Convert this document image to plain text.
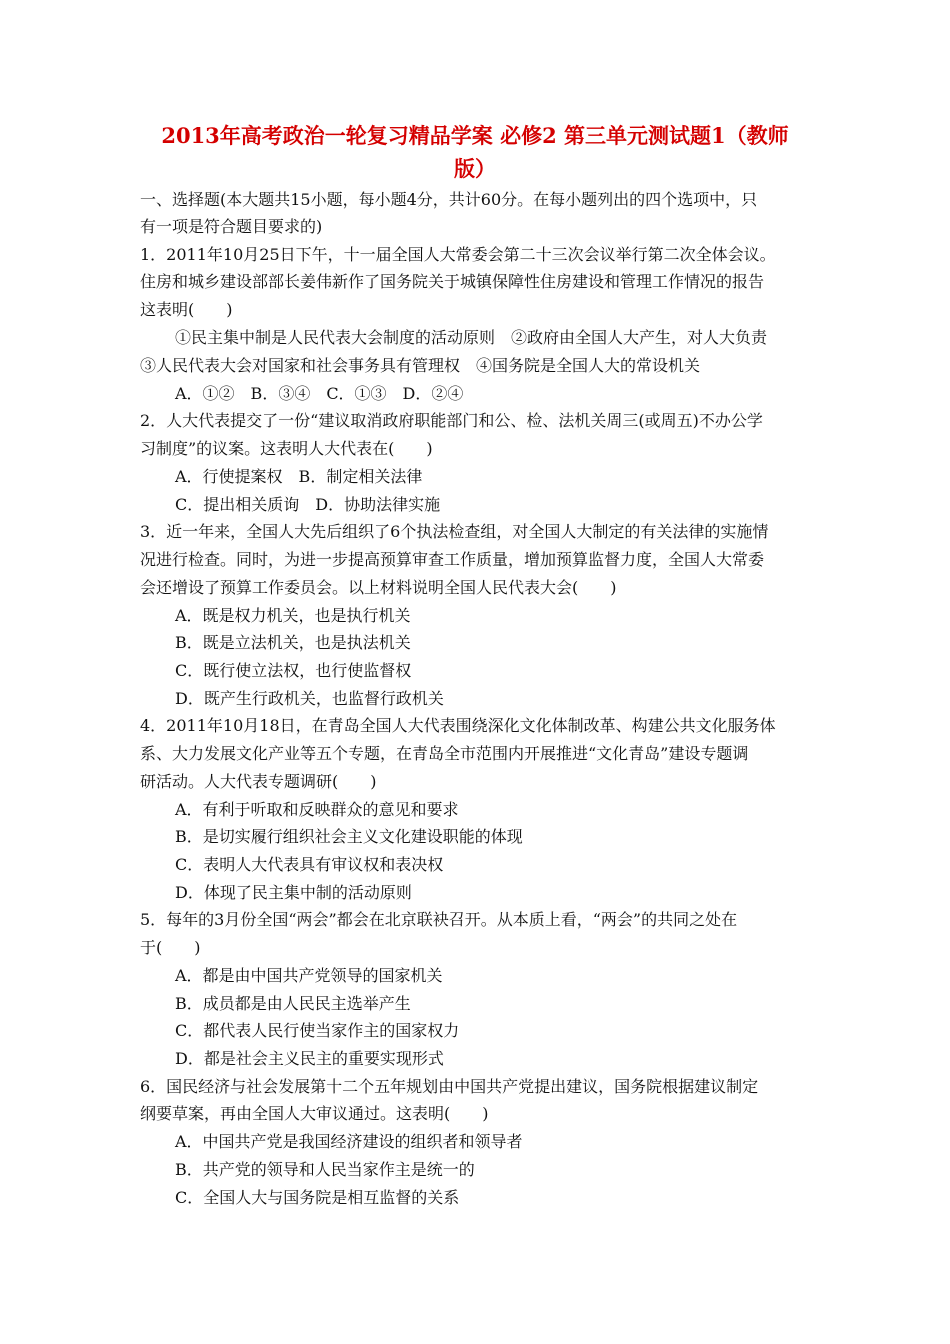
2013年高考政治一轮复习精品学案 必修2 第三单元测试题1（教师
版）
一、选择题(本大题共15小题，每小题4分，共计60分。在每小题列出的四个选项中，只
有一项是符合题目要求的)
1．2011年10月25日下午，十一届全国人大常委会第二十三次会议举行第二次全体会议。
住房和城乡建设部部长姜伟新作了国务院关于城镇保障性住房建设和管理工作情况的报告
这表明(　　)
①民主集中制是人民代表大会制度的活动原则　②政府由全国人大产生，对人大负责
③人民代表大会对国家和社会事务具有管理权　④国务院是全国人大的常设机关
A．①②　B．③④　C．①③　D．②④
2．人大代表提交了一份“建议取消政府职能部门和公、检、法机关周三(或周五)不办公学
习制度”的议案。这表明人大代表在(　　)
A．行使提案权　B．制定相关法律
C．提出相关质询　D．协助法律实施
3．近一年来，全国人大先后组织了6个执法检查组，对全国人大制定的有关法律的实施情
况进行检查。同时，为进一步提高预算审查工作质量，增加预算监督力度，全国人大常委
会还增设了预算工作委员会。以上材料说明全国人民代表大会(　　)
A．既是权力机关，也是执行机关
B．既是立法机关，也是执法机关
C．既行使立法权，也行使监督权
D．既产生行政机关，也监督行政机关
4．2011年10月18日，在青岛全国人大代表围绕深化文化体制改革、构建公共文化服务体
系、大力发展文化产业等五个专题，在青岛全市范围内开展推进“文化青岛”建设专题调
研活动。人大代表专题调研(　　)
A．有利于听取和反映群众的意见和要求
B．是切实履行组织社会主义文化建设职能的体现
C．表明人大代表具有审议权和表决权
D．体现了民主集中制的活动原则
5．每年的3月份全国“两会”都会在北京联袂召开。从本质上看，“两会”的共同之处在
于(　　)
A．都是由中国共产党领导的国家机关
B．成员都是由人民民主选举产生
C．都代表人民行使当家作主的国家权力
D．都是社会主义民主的重要实现形式
6．国民经济与社会发展第十二个五年规划由中国共产党提出建议，国务院根据建议制定
纲要草案，再由全国人大审议通过。这表明(　　)
A．中国共产党是我国经济建设的组织者和领导者
B．共产党的领导和人民当家作主是统一的
C．全国人大与国务院是相互监督的关系
